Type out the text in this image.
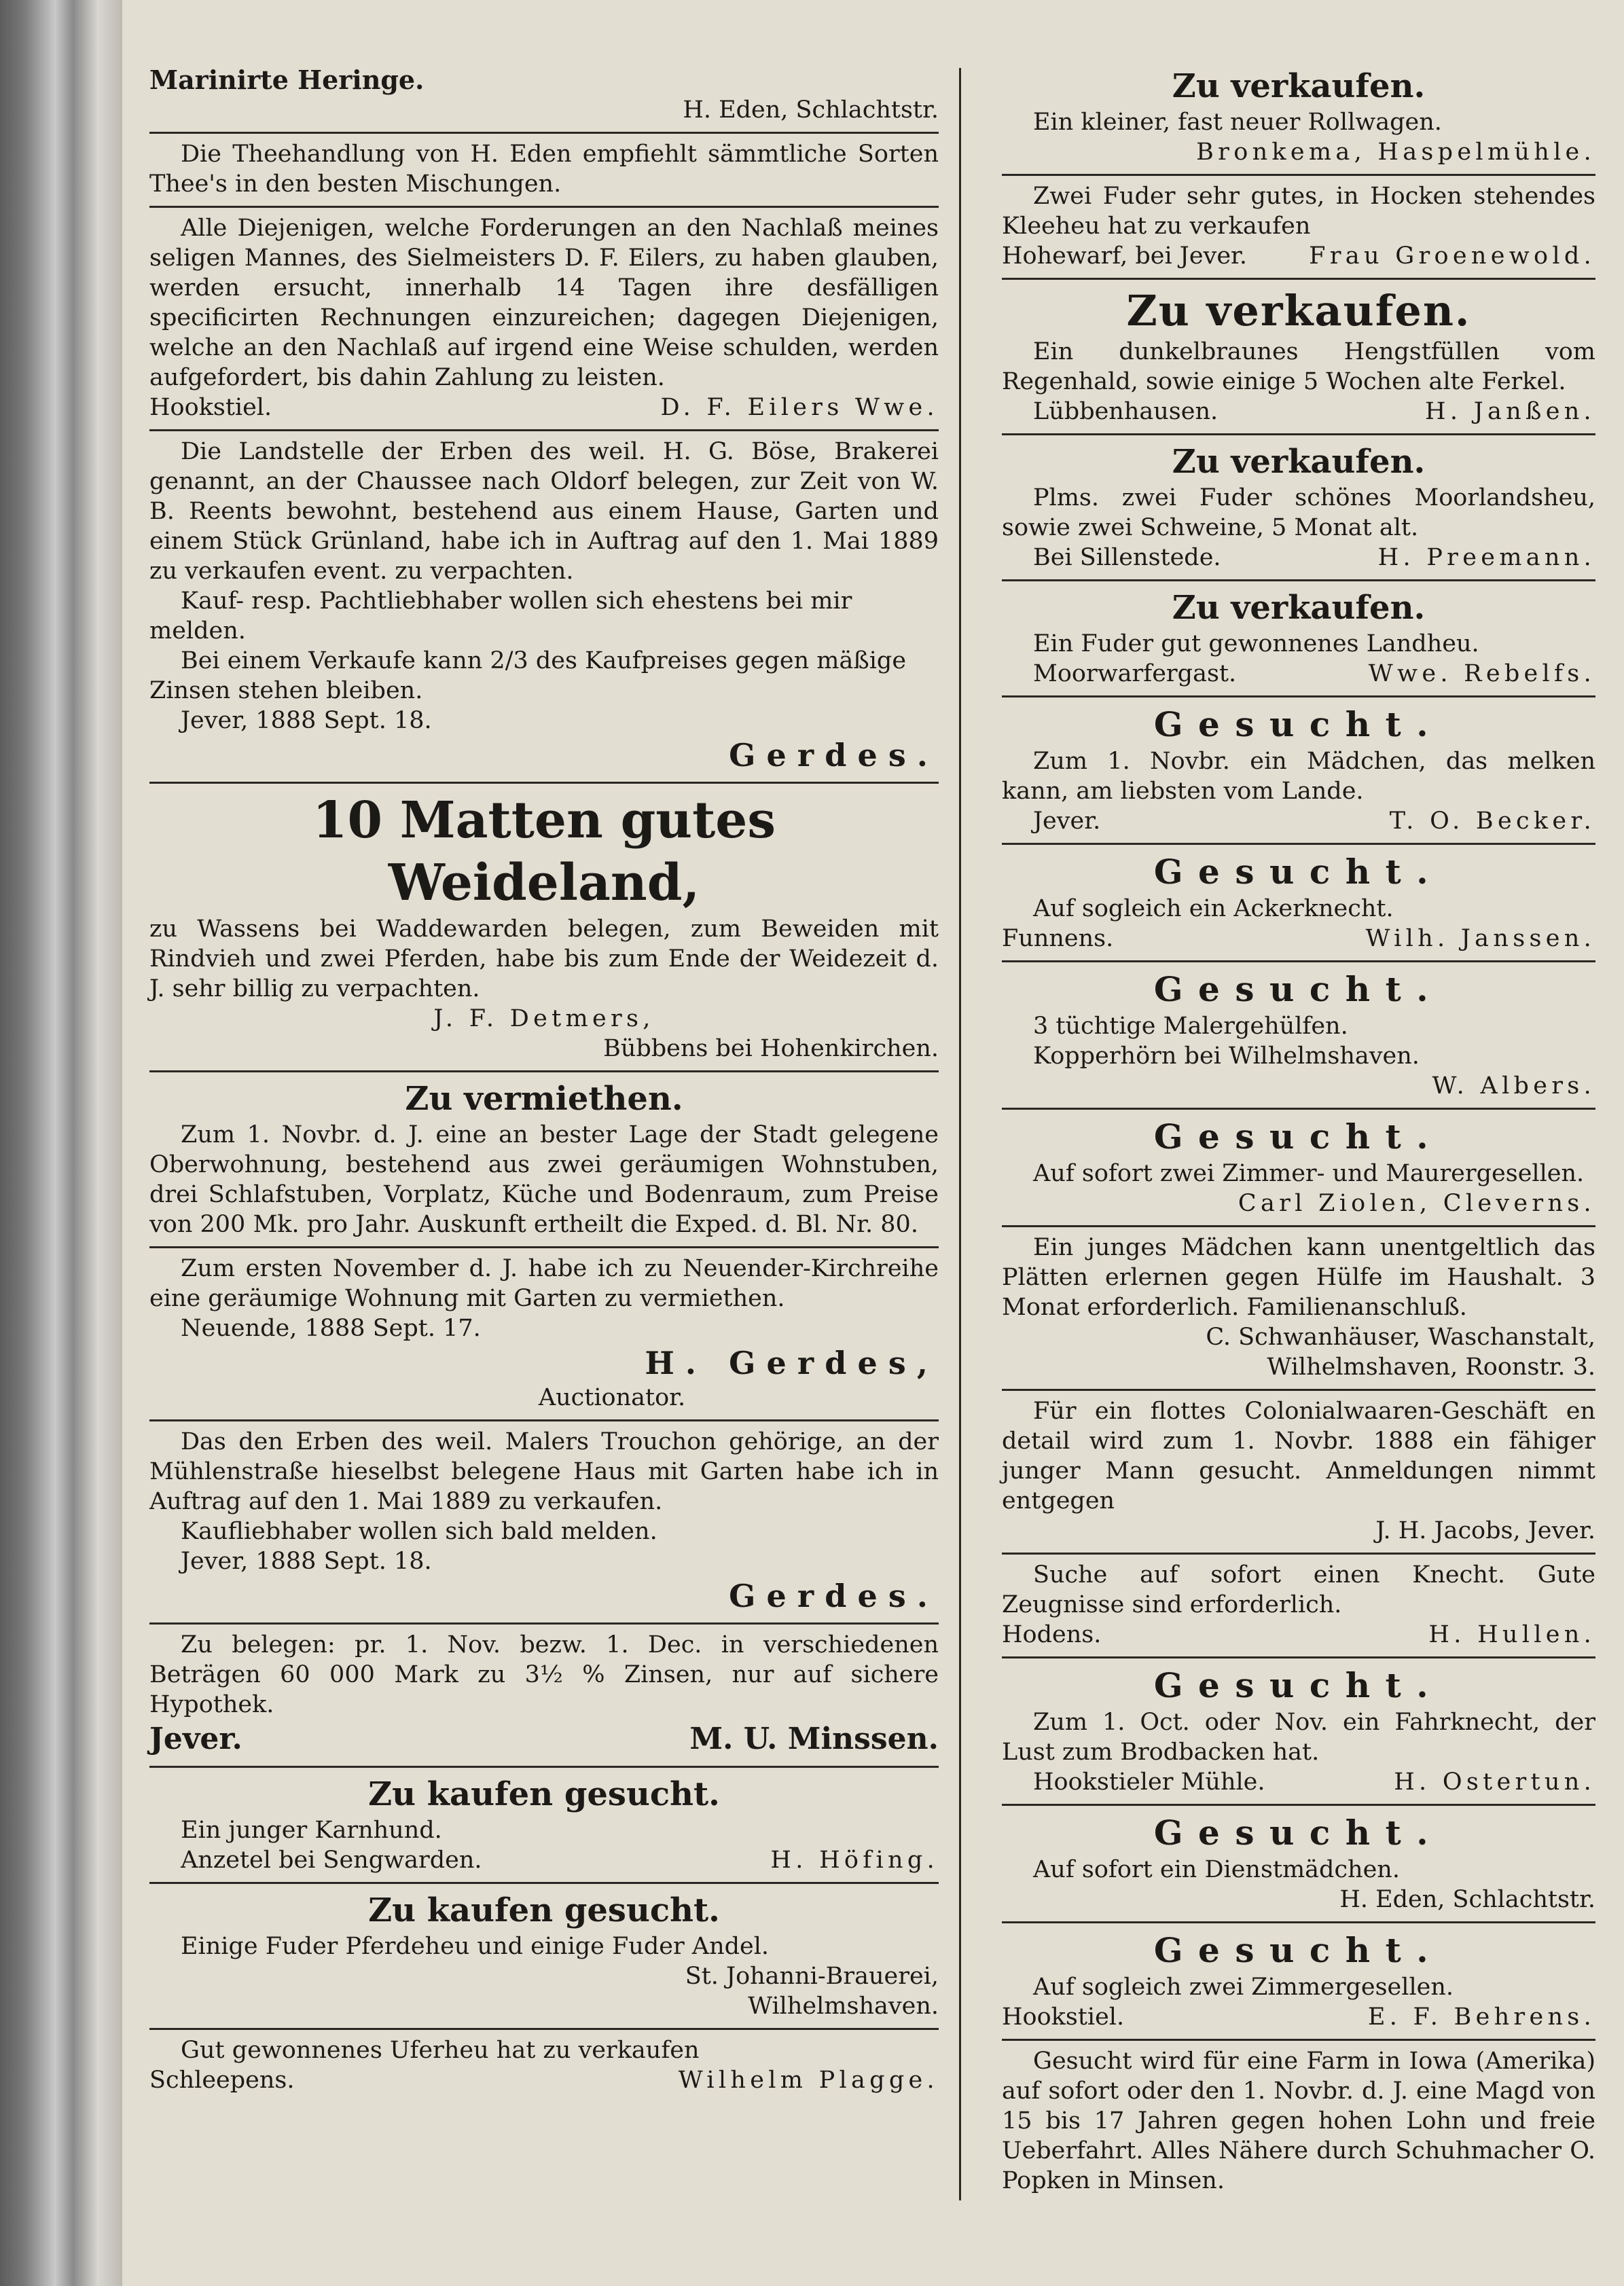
Marinirte Heringe.

H. Eden, Schlachtstr.

Die Theehandlung von H. Eden empfiehlt sämmtliche Sorten Thee's in den besten Mischungen.

Alle Diejenigen, welche Forderungen an den Nachlaß meines seligen Mannes, des Sielmeisters D. F. Eilers, zu haben glauben, werden ersucht, innerhalb 14 Tagen ihre desfälligen specificirten Rechnungen einzureichen; dagegen Diejenigen, welche an den Nachlaß auf irgend eine Weise schulden, werden aufgefordert, bis dahin Zahlung zu leisten.

Hookstiel.	D. F. Eilers Wwe.

Die Landstelle der Erben des weil. H. G. Böse, Brakerei genannt, an der Chaussee nach Oldorf belegen, zur Zeit von W. B. Reents bewohnt, bestehend aus einem Hause, Garten und einem Stück Grünland, habe ich in Auftrag auf den 1. Mai 1889 zu verkaufen event. zu verpachten.

Kauf- resp. Pachtliebhaber wollen sich ehestens bei mir melden.

Bei einem Verkaufe kann 2/3 des Kaufpreises gegen mäßige Zinsen stehen bleiben.

Jever, 1888 Sept. 18.

Gerdes.

10 Matten gutes Weideland,

zu Wassens bei Waddewarden belegen, zum Beweiden mit Rindvieh und zwei Pferden, habe bis zum Ende der Weidezeit d. J. sehr billig zu verpachten.

J. F. Detmers,

Bübbens bei Hohenkirchen.

Zu vermiethen.

Zum 1. Novbr. d. J. eine an bester Lage der Stadt gelegene Oberwohnung, bestehend aus zwei geräumigen Wohnstuben, drei Schlafstuben, Vorplatz, Küche und Bodenraum, zum Preise von 200 Mk. pro Jahr. Auskunft ertheilt die Exped. d. Bl. Nr. 80.

Zum ersten November d. J. habe ich zu Neuender-Kirchreihe eine geräumige Wohnung mit Garten zu vermiethen.

Neuende, 1888 Sept. 17.

H. Gerdes,

Auctionator.

Das den Erben des weil. Malers Trouchon gehörige, an der Mühlenstraße hieselbst belegene Haus mit Garten habe ich in Auftrag auf den 1. Mai 1889 zu verkaufen.

Kaufliebhaber wollen sich bald melden.

Jever, 1888 Sept. 18.

Gerdes.

Zu belegen: pr. 1. Nov. bezw. 1. Dec. in verschiedenen Beträgen 60 000 Mark zu 3½ % Zinsen, nur auf sichere Hypothek.

Jever.	M. U. Minssen.

Zu kaufen gesucht.

Ein junger Karnhund.

Anzetel bei Sengwarden.	H. Höfing.

Zu kaufen gesucht.

Einige Fuder Pferdeheu und einige Fuder Andel.

St. Johanni-Brauerei,

Wilhelmshaven.

Gut gewonnenes Uferheu hat zu verkaufen

Schleepens.	Wilhelm Plagge.

Zu verkaufen.

Ein kleiner, fast neuer Rollwagen.

Bronkema, Haspelmühle.

Zwei Fuder sehr gutes, in Hocken stehendes Kleeheu hat zu verkaufen

Hohewarf, bei Jever.	Frau Groenewold.

Zu verkaufen.

Ein dunkelbraunes Hengstfüllen vom Regenhald, sowie einige 5 Wochen alte Ferkel.

Lübbenhausen.	H. Janßen.

Zu verkaufen.

Plms. zwei Fuder schönes Moorlandsheu, sowie zwei Schweine, 5 Monat alt.

Bei Sillenstede.	H. Preemann.

Zu verkaufen.

Ein Fuder gut gewonnenes Landheu.

Moorwarfergast.	Wwe. Rebelfs.

Gesucht.

Zum 1. Novbr. ein Mädchen, das melken kann, am liebsten vom Lande.

Jever.	T. O. Becker.

Gesucht.

Auf sogleich ein Ackerknecht.

Funnens.	Wilh. Janssen.

Gesucht.

3 tüchtige Malergehülfen.

Kopperhörn bei Wilhelmshaven.

W. Albers.

Gesucht.

Auf sofort zwei Zimmer- und Maurergesellen.

Carl Ziolen, Cleverns.

Ein junges Mädchen kann unentgeltlich das Plätten erlernen gegen Hülfe im Haushalt. 3 Monat erforderlich. Familienanschluß.

C. Schwanhäuser, Waschanstalt,

Wilhelmshaven, Roonstr. 3.

Für ein flottes Colonialwaaren-Geschäft en detail wird zum 1. Novbr. 1888 ein fähiger junger Mann gesucht. Anmeldungen nimmt entgegen

J. H. Jacobs, Jever.

Suche auf sofort einen Knecht. Gute Zeugnisse sind erforderlich.

Hodens.	H. Hullen.

Gesucht.

Zum 1. Oct. oder Nov. ein Fahrknecht, der Lust zum Brodbacken hat.

Hookstieler Mühle.	H. Ostertun.

Gesucht.

Auf sofort ein Dienstmädchen.

H. Eden, Schlachtstr.

Gesucht.

Auf sogleich zwei Zimmergesellen.

Hookstiel.	E. F. Behrens.

Gesucht wird für eine Farm in Iowa (Amerika) auf sofort oder den 1. Novbr. d. J. eine Magd von 15 bis 17 Jahren gegen hohen Lohn und freie Ueberfahrt. Alles Nähere durch Schuhmacher O. Popken in Minsen.
